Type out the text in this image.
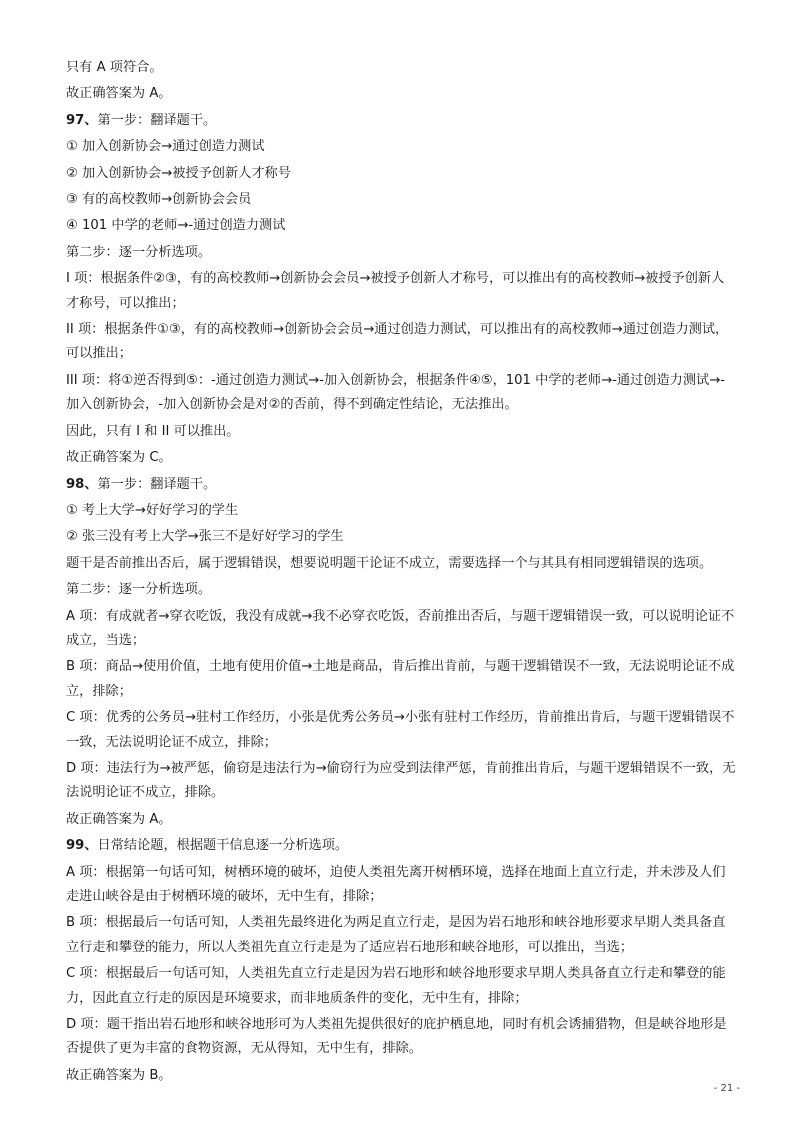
只有 A 项符合。
故正确答案为 A。
97、第一步：翻译题干。
① 加入创新协会→通过创造力测试
② 加入创新协会→被授予创新人才称号
③ 有的高校教师→创新协会会员
④ 101 中学的老师→-通过创造力测试
第二步：逐一分析选项。
I 项：根据条件②③，有的高校教师→创新协会会员→被授予创新人才称号，可以推出有的高校教师→被授予创新人才称号，可以推出；
II 项：根据条件①③，有的高校教师→创新协会会员→通过创造力测试，可以推出有的高校教师→通过创造力测试，可以推出；
III 项：将①逆否得到⑤：-通过创造力测试→-加入创新协会，根据条件④⑤，101 中学的老师→-通过创造力测试→-加入创新协会，-加入创新协会是对②的否前，得不到确定性结论，无法推出。
因此，只有 I 和 II 可以推出。
故正确答案为 C。
98、第一步：翻译题干。
① 考上大学→好好学习的学生
② 张三没有考上大学→张三不是好好学习的学生
题干是否前推出否后，属于逻辑错误，想要说明题干论证不成立，需要选择一个与其具有相同逻辑错误的选项。
第二步：逐一分析选项。
A 项：有成就者→穿衣吃饭，我没有成就→我不必穿衣吃饭，否前推出否后，与题干逻辑错误一致，可以说明论证不成立，当选；
B 项：商品→使用价值，土地有使用价值→土地是商品，肯后推出肯前，与题干逻辑错误不一致，无法说明论证不成立，排除；
C 项：优秀的公务员→驻村工作经历，小张是优秀公务员→小张有驻村工作经历，肯前推出肯后，与题干逻辑错误不一致，无法说明论证不成立，排除；
D 项：违法行为→被严惩，偷窃是违法行为→偷窃行为应受到法律严惩，肯前推出肯后，与题干逻辑错误不一致，无法说明论证不成立，排除。
故正确答案为 A。
99、日常结论题，根据题干信息逐一分析选项。
A 项：根据第一句话可知，树栖环境的破坏，迫使人类祖先离开树栖环境，选择在地面上直立行走，并未涉及人们走进山峡谷是由于树栖环境的破坏，无中生有，排除；
B 项：根据最后一句话可知，人类祖先最终进化为两足直立行走，是因为岩石地形和峡谷地形要求早期人类具备直立行走和攀登的能力，所以人类祖先直立行走是为了适应岩石地形和峡谷地形，可以推出，当选；
C 项：根据最后一句话可知，人类祖先直立行走是因为岩石地形和峡谷地形要求早期人类具备直立行走和攀登的能力，因此直立行走的原因是环境要求，而非地质条件的变化，无中生有，排除；
D 项：题干指出岩石地形和峡谷地形可为人类祖先提供很好的庇护栖息地，同时有机会诱捕猎物，但是峡谷地形是否提供了更为丰富的食物资源，无从得知，无中生有，排除。
故正确答案为 B。
- 21 -
